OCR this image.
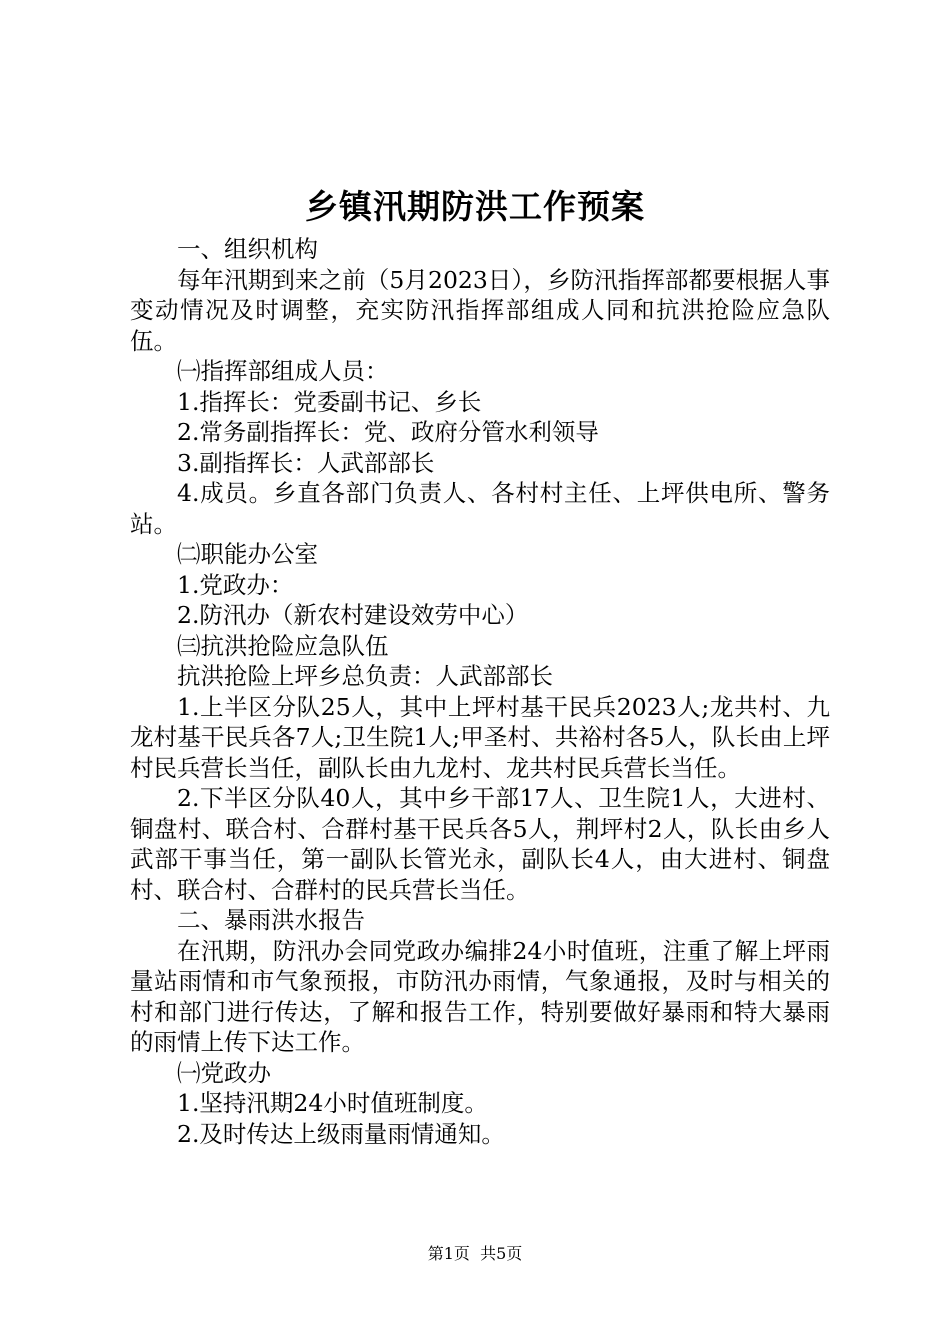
乡镇汛期防洪工作预案

一、组织机构

每年汛期到来之前（5月2023日），乡防汛指挥部都要根据人事变动情况及时调整，充实防汛指挥部组成人同和抗洪抢险应急队伍。

㈠指挥部组成人员：

1.指挥长：党委副书记、乡长

2.常务副指挥长：党、政府分管水利领导

3.副指挥长：人武部部长

4.成员。乡直各部门负责人、各村村主任、上坪供电所、警务站。

㈡职能办公室

1.党政办：

2.防汛办（新农村建设效劳中心）

㈢抗洪抢险应急队伍

抗洪抢险上坪乡总负责：人武部部长

1.上半区分队25人，其中上坪村基干民兵2023人;龙共村、九龙村基干民兵各7人;卫生院1人;甲圣村、共裕村各5人，队长由上坪村民兵营长当任，副队长由九龙村、龙共村民兵营长当任。

2.下半区分队40人，其中乡干部17人、卫生院1人，大进村、铜盘村、联合村、合群村基干民兵各5人，荆坪村2人，队长由乡人武部干事当任，第一副队长管光永，副队长4人，由大进村、铜盘村、联合村、合群村的民兵营长当任。

二、暴雨洪水报告

在汛期，防汛办会同党政办编排24小时值班，注重了解上坪雨量站雨情和市气象预报，市防汛办雨情，气象通报，及时与相关的村和部门进行传达，了解和报告工作，特别要做好暴雨和特大暴雨的雨情上传下达工作。

㈠党政办

1.坚持汛期24小时值班制度。

2.及时传达上级雨量雨情通知。

第1页 共5页
